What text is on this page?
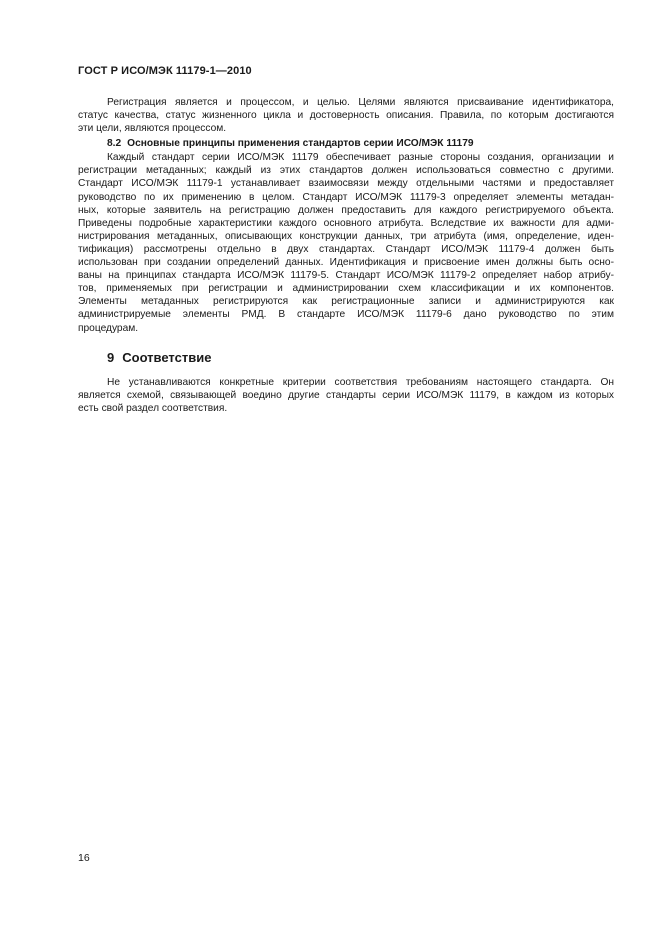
ГОСТ Р ИСО/МЭК 11179-1—2010

Регистрация является и процессом, и целью. Целями являются присваивание идентификатора,
статус качества, статус жизненного цикла и достоверность описания. Правила, по которым достигаются
эти цели, являются процессом.

8.2 Основные принципы применения стандартов серии ИСО/МЭК 11179

Каждый стандарт серии ИСО/МЭК 11179 обеспечивает разные стороны создания, организации и
регистрации метаданных; каждый из этих стандартов должен использоваться совместно с другими.
Стандарт ИСО/МЭК 11179-1 устанавливает взаимосвязи между отдельными частями и предоставляет
руководство по их применению в целом. Стандарт ИСО/МЭК 11179-3 определяет элементы метадан-
ных, которые заявитель на регистрацию должен предоставить для каждого регистрируемого объекта.
Приведены подробные характеристики каждого основного атрибута. Вследствие их важности для адми-
нистрирования метаданных, описывающих конструкции данных, три атрибута (имя, определение, иден-
тификация) рассмотрены отдельно в двух стандартах. Стандарт ИСО/МЭК 11179-4 должен быть
использован при создании определений данных. Идентификация и присвоение имен должны быть осно-
ваны на принципах стандарта ИСО/МЭК 11179-5. Стандарт ИСО/МЭК 11179-2 определяет набор атрибу-
тов, применяемых при регистрации и администрировании схем классификации и их компонентов.
Элементы метаданных регистрируются как регистрационные записи и администрируются как
администрируемые элементы РМД. В стандарте ИСО/МЭК 11179-6 дано руководство по этим
процедурам.

9 Соответствие

Не устанавливаются конкретные критерии соответствия требованиям настоящего стандарта. Он
является схемой, связывающей воедино другие стандарты серии ИСО/МЭК 11179, в каждом из которых
есть свой раздел соответствия.

16
